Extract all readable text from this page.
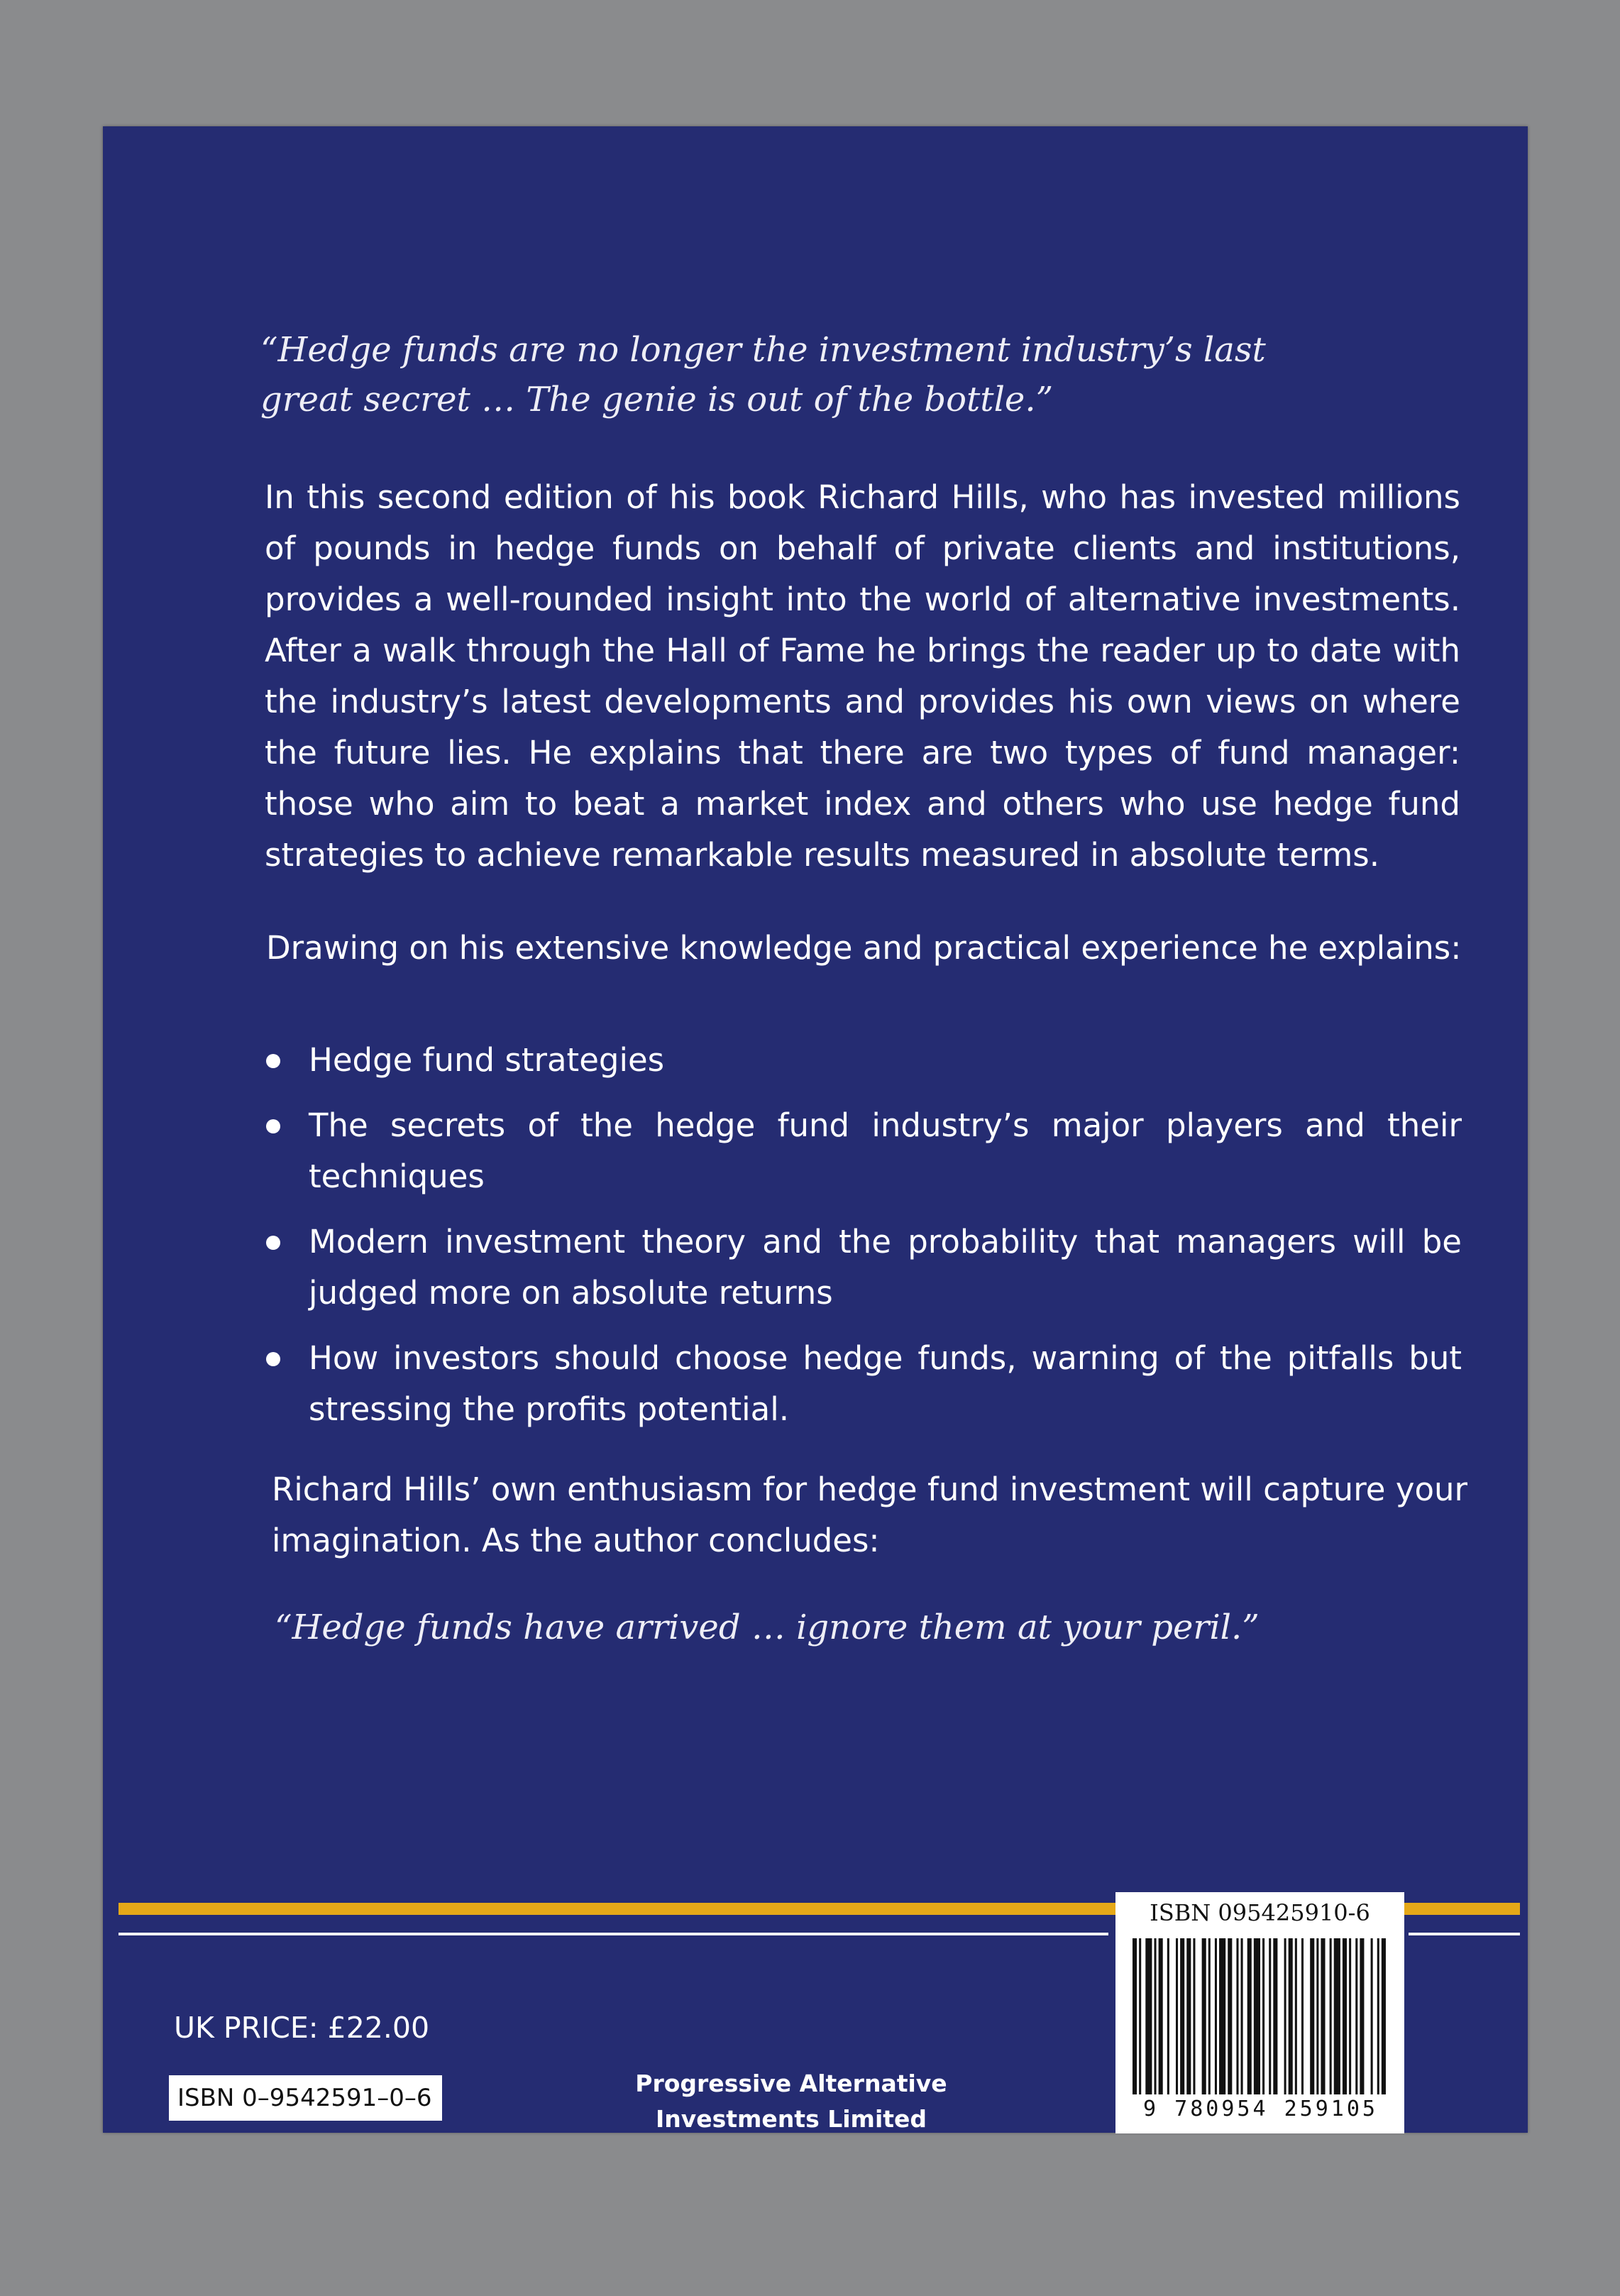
“Hedge funds are no longer the investment industry’s last great secret … The genie is out of the bottle.”

In this second edition of his book Richard Hills, who has invested millions of pounds in hedge funds on behalf of private clients and institutions, provides a well-rounded insight into the world of alternative investments. After a walk through the Hall of Fame he brings the reader up to date with the industry’s latest developments and provides his own views on where the future lies. He explains that there are two types of fund manager: those who aim to beat a market index and others who use hedge fund strategies to achieve remarkable results measured in absolute terms.

Drawing on his extensive knowledge and practical experience he explains:

Hedge fund strategies
The secrets of the hedge fund industry’s major players and their techniques
Modern investment theory and the probability that managers will be judged more on absolute returns
How investors should choose hedge funds, warning of the pitfalls but stressing the profits potential.

Richard Hills’ own enthusiasm for hedge fund investment will capture your imagination. As the author concludes:

“Hedge funds have arrived … ignore them at your peril.”

UK PRICE: £22.00

ISBN 0–9542591–0–6

Progressive Alternative Investments Limited

ISBN 095425910-6
9 780954 259105
